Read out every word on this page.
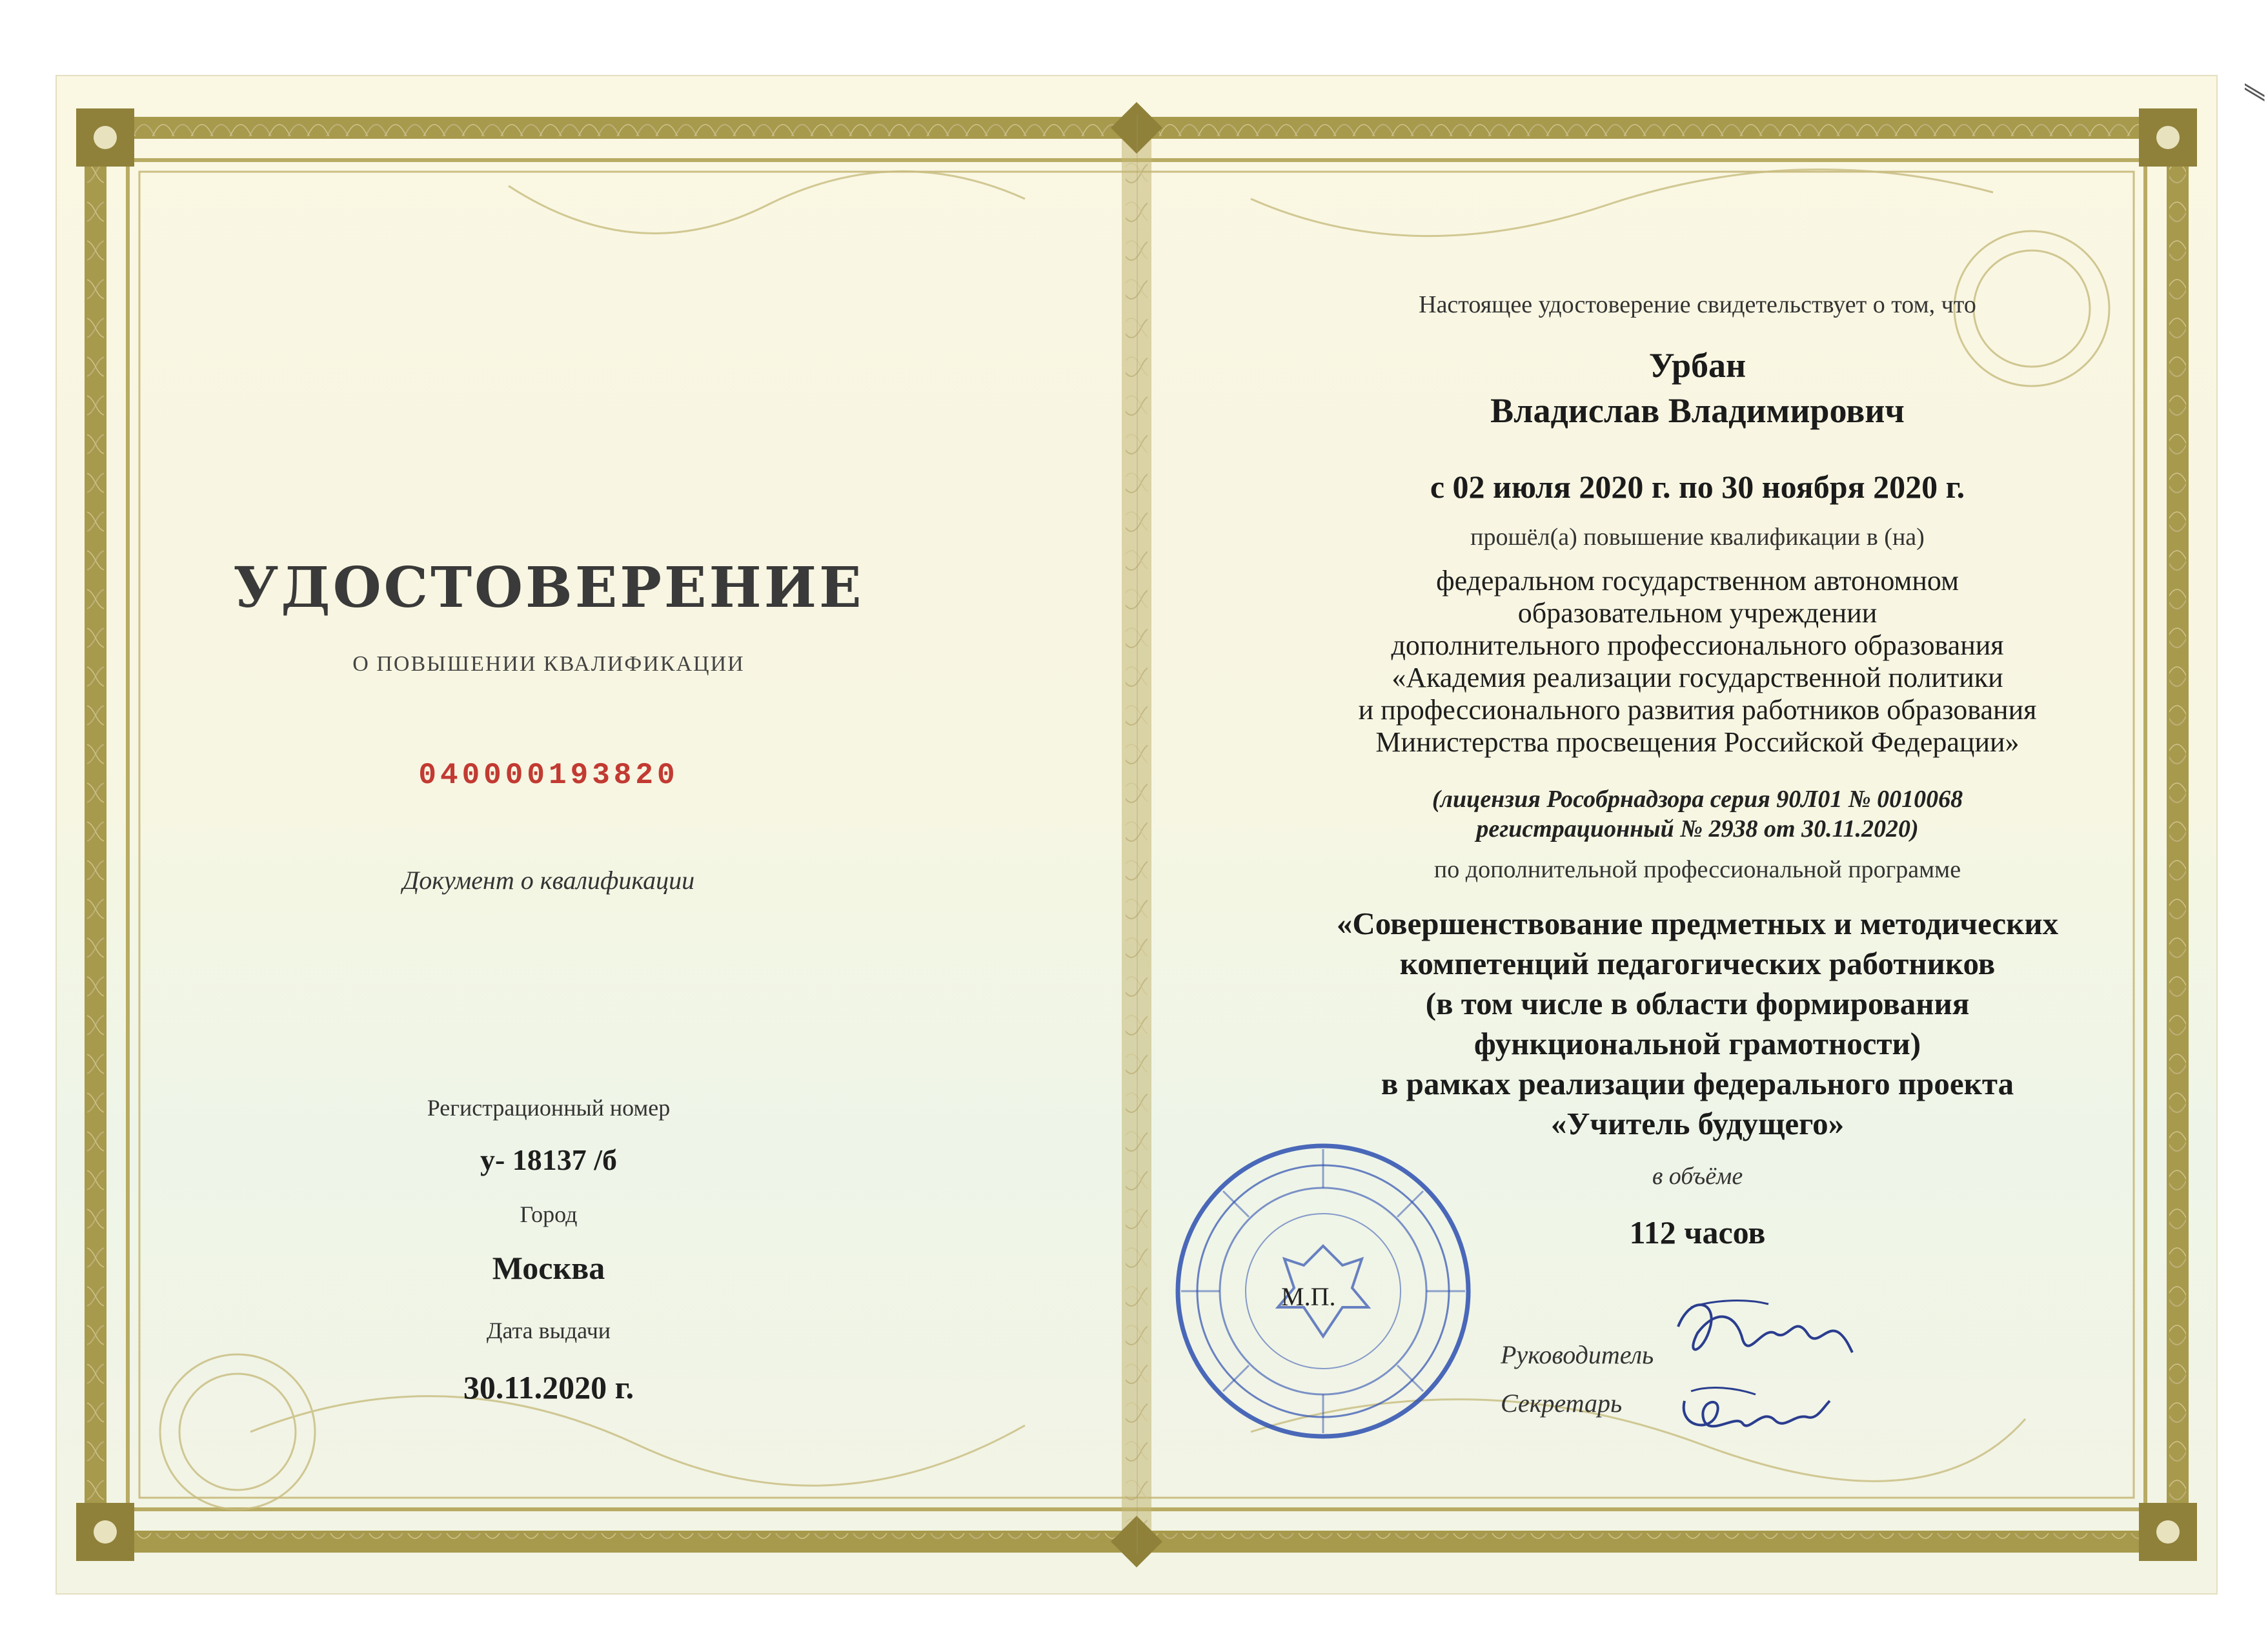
УДОСТОВЕРЕНИЕ
О ПОВЫШЕНИИ КВАЛИФИКАЦИИ
040000193820
Документ о квалификации
Регистрационный номер
у- 18137 /б
Город
Москва
Дата выдачи
30.11.2020 г.
Настоящее удостоверение свидетельствует о том, что
Урбан
Владислав Владимирович
с 02 июля 2020 г. по 30 ноября 2020 г.
прошёл(а) повышение квалификации в (на)
федеральном государственном автономном
образовательном учреждении
дополнительного профессионального образования
«Академия реализации государственной политики
и профессионального развития работников образования
Министерства просвещения Российской Федерации»
(лицензия Рособрнадзора серия 90Л01 № 0010068
регистрационный № 2938 от 30.11.2020)
по дополнительной профессиональной программе
«Совершенствование предметных и методических
компетенций педагогических работников
(в том числе в области формирования
функциональной грамотности)
в рамках реализации федерального проекта
«Учитель будущего»
в объёме
112 часов
М.П.
Руководитель
Секретарь
⁄⁄
